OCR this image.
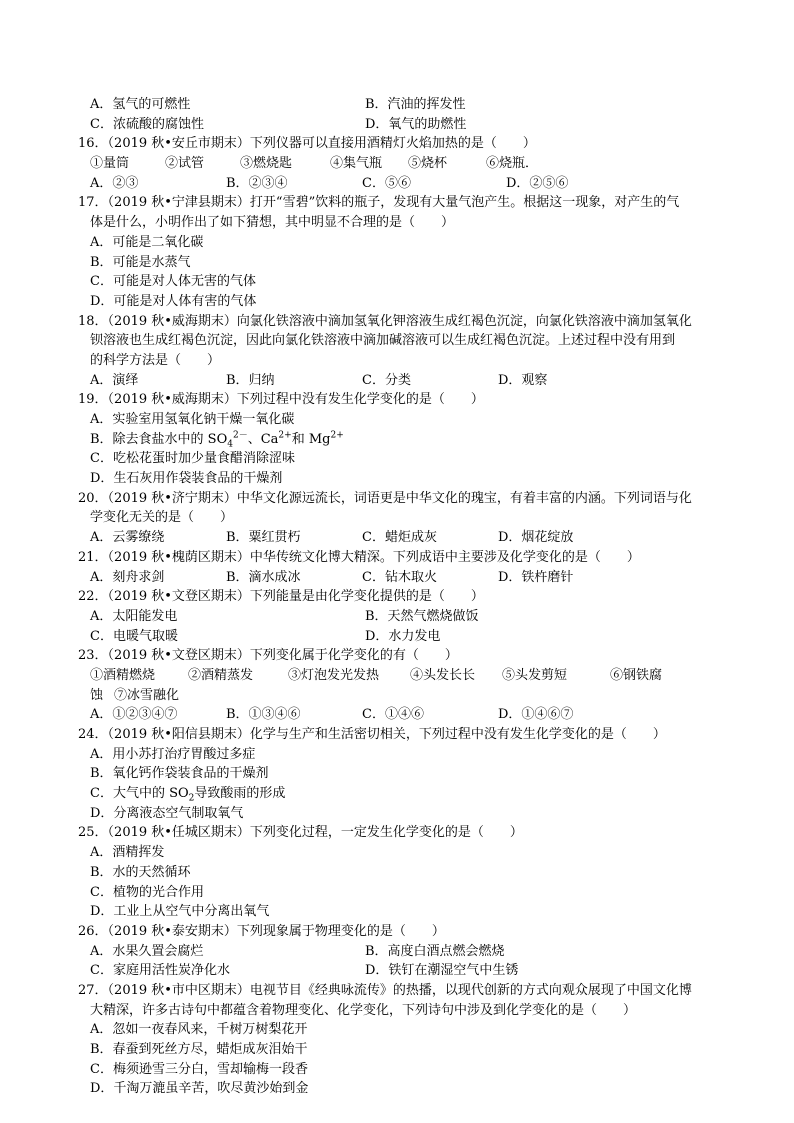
A．氢气的可燃性	B．汽油的挥发性
C．浓硫酸的腐蚀性	D．氧气的助燃性
16．（2019 秋•安丘市期末）下列仪器可以直接用酒精灯火焰加热的是（　　）
①量筒	②试管	③燃烧匙	④集气瓶 ⑤烧杯	⑥烧瓶．
A．②③	B．②③④	C．⑤⑥	D．②⑤⑥
17．（2019 秋•宁津县期末）打开“雪碧”饮料的瓶子，发现有大量气泡产生。根据这一现象，对产生的气
体是什么，小明作出了如下猜想，其中明显不合理的是（　　）
A．可能是二氧化碳
B．可能是水蒸气
C．可能是对人体无害的气体
D．可能是对人体有害的气体
18．（2019 秋•威海期末）向氯化铁溶液中滴加氢氧化钾溶液生成红褐色沉淀，向氯化铁溶液中滴加氢氧化
钡溶液也生成红褐色沉淀，因此向氯化铁溶液中滴加碱溶液可以生成红褐色沉淀。上述过程中没有用到
的科学方法是（　　）
A．演绎	B．归纳	C．分类	D．观察
19．（2019 秋•威海期末）下列过程中没有发生化学变化的是（　　）
A．实验室用氢氧化钠干燥一氧化碳
B．除去食盐水中的 $SO_4^{2-}$、$Ca^{2+}$和 $Mg^{2+}$
C．吃松花蛋时加少量食醋消除涩味
D．生石灰用作袋装食品的干燥剂
20．（2019 秋•济宁期末）中华文化源远流长，词语更是中华文化的瑰宝，有着丰富的内涵。下列词语与化
学变化无关的是（　　）
A．云雾缭绕	B．粟红贯朽	C．蜡炬成灰	D．烟花绽放
21．（2019 秋•槐荫区期末）中华传统文化博大精深。下列成语中主要涉及化学变化的是（　　）
A．刻舟求剑	B．滴水成冰	C．钻木取火	D．铁杵磨针
22．（2019 秋•文登区期末）下列能量是由化学变化提供的是（　　）
A．太阳能发电	B．天然气燃烧做饭
C．电暖气取暖	D．水力发电
23．（2019 秋•文登区期末）下列变化属于化学变化的有（　　）
①酒精燃烧	②酒精蒸发	③灯泡发光发热 ④头发长长 ⑤头发剪短	⑥钢铁腐
蚀 ⑦冰雪融化
A．①②③④⑦	B．①③④⑥	C．①④⑥	D．①④⑥⑦
24．（2019 秋•阳信县期末）化学与生产和生活密切相关，下列过程中没有发生化学变化的是（　　）
A．用小苏打治疗胃酸过多症
B．氧化钙作袋装食品的干燥剂
C．大气中的 $SO_2$导致酸雨的形成
D．分离液态空气制取氧气
25．（2019 秋•任城区期末）下列变化过程，一定发生化学变化的是（　　）
A．酒精挥发
B．水的天然循环
C．植物的光合作用
D．工业上从空气中分离出氧气
26．（2019 秋•泰安期末）下列现象属于物理变化的是（　　）
A．水果久置会腐烂	B．高度白酒点燃会燃烧
C．家庭用活性炭净化水	D．铁钉在潮湿空气中生锈
27．（2019 秋•市中区期末）电视节目《经典咏流传》的热播，以现代创新的方式向观众展现了中国文化博
大精深，许多古诗句中都蕴含着物理变化、化学变化，下列诗句中涉及到化学变化的是（　　）
A．忽如一夜春风来，千树万树梨花开
B．春蚕到死丝方尽，蜡炬成灰泪始干
C．梅须逊雪三分白，雪却输梅一段香
D．千淘万漉虽辛苦，吹尽黄沙始到金
